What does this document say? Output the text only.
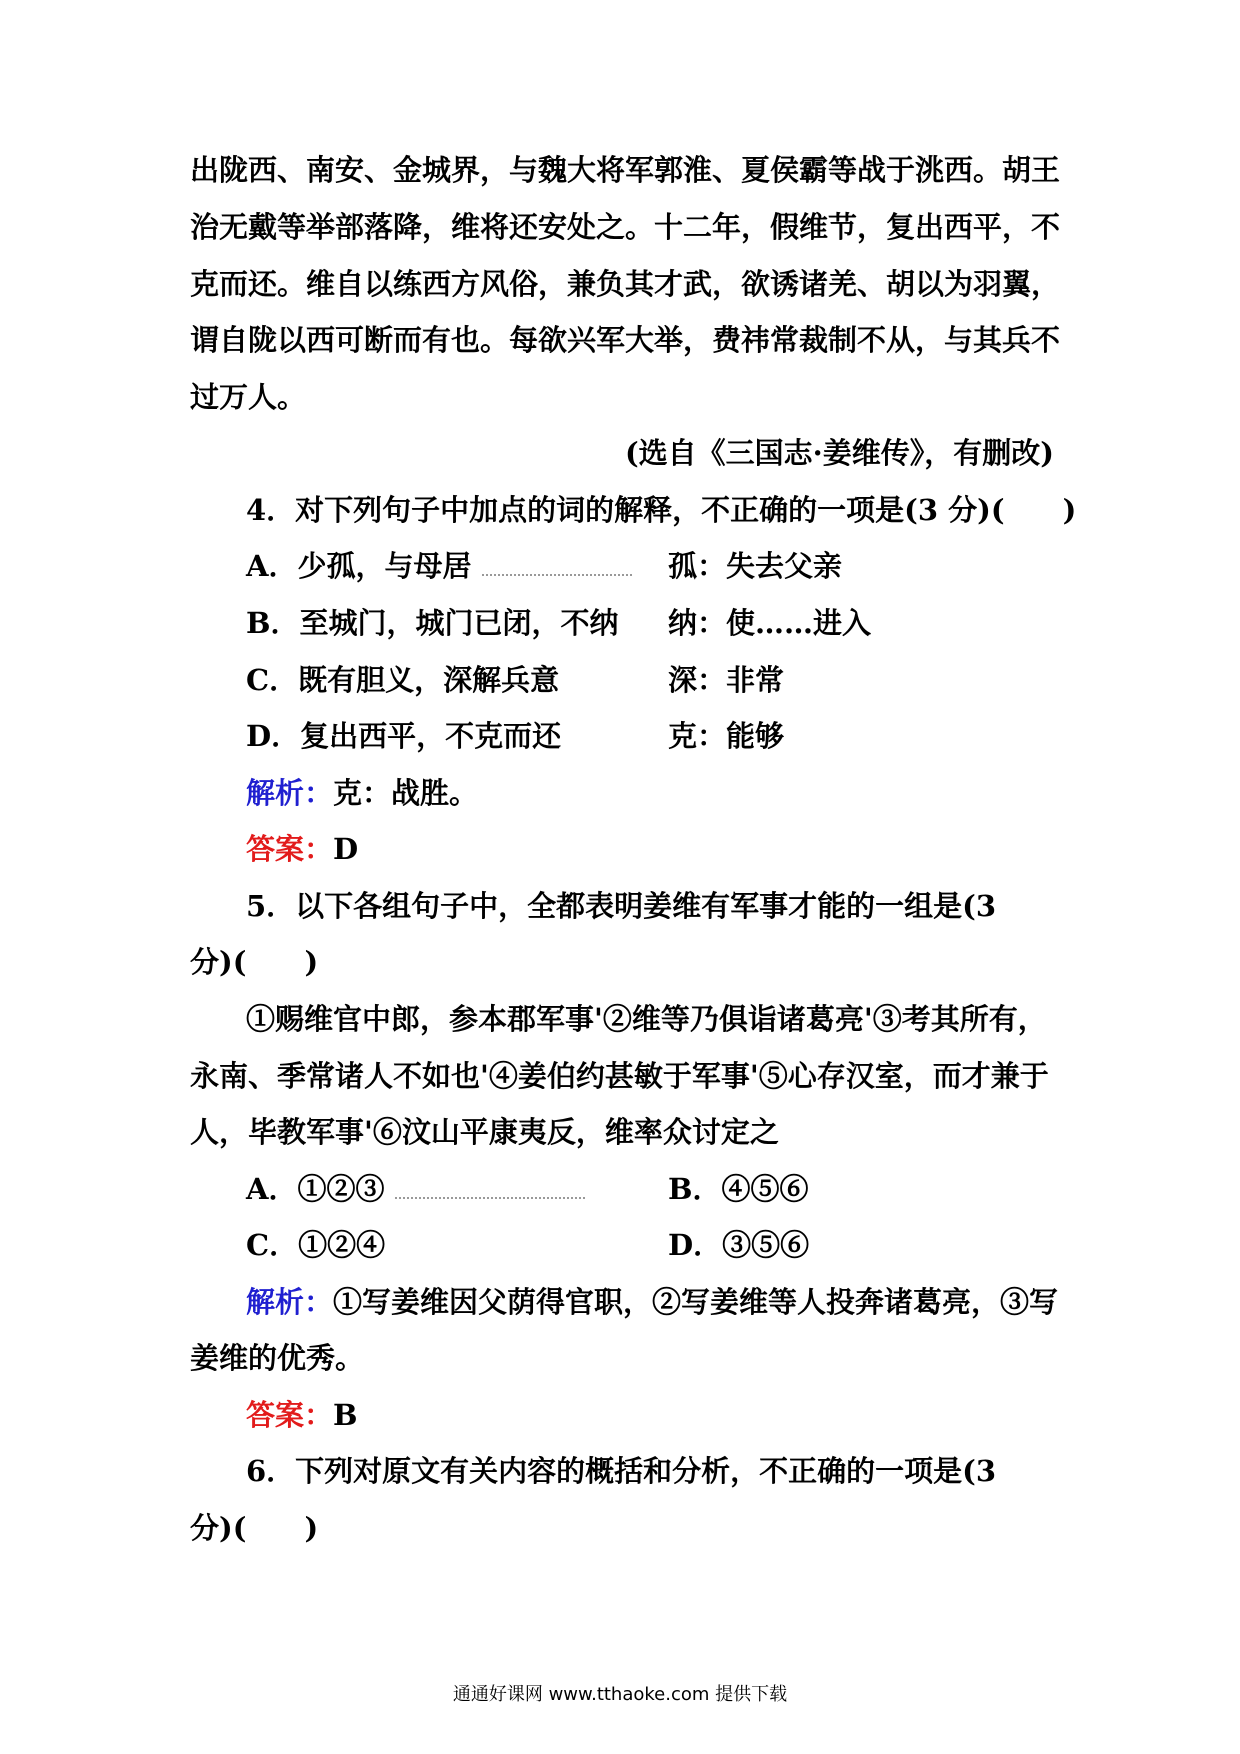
出陇西、南安、金城界，与魏大将军郭淮、夏侯霸等战于洮西。胡王
治无戴等举部落降，维将还安处之。十二年，假维节，复出西平，不
克而还。维自以练西方风俗，兼负其才武，欲诱诸羌、胡以为羽翼，
谓自陇以西可断而有也。每欲兴军大举，费祎常裁制不从，与其兵不
过万人。
(选自《三国志·姜维传》，有删改)
4．对下列句子中加点的词的解释，不正确的一项是(3 分)(　　)
A．少孤，与母居	孤：失去父亲
B．至城门，城门已闭，不纳 纳：使……进入
C．既有胆义，深解兵意	深：非常
D．复出西平，不克而还	克：能够
解析：克：战胜。
答案：D
5．以下各组句子中，全都表明姜维有军事才能的一组是(3
分)(　　)
①赐维官中郎，参本郡军事'②维等乃俱诣诸葛亮'③考其所有，
永南、季常诸人不如也'④姜伯约甚敏于军事'⑤心存汉室，而才兼于
人，毕教军事'⑥汶山平康夷反，维率众讨定之
A．①②③	B．④⑤⑥
C．①②④	D．③⑤⑥
解析：①写姜维因父荫得官职，②写姜维等人投奔诸葛亮，③写
姜维的优秀。
答案：B
6．下列对原文有关内容的概括和分析，不正确的一项是(3
分)(　　)
通通好课网 www.tthaoke.com 提供下载
